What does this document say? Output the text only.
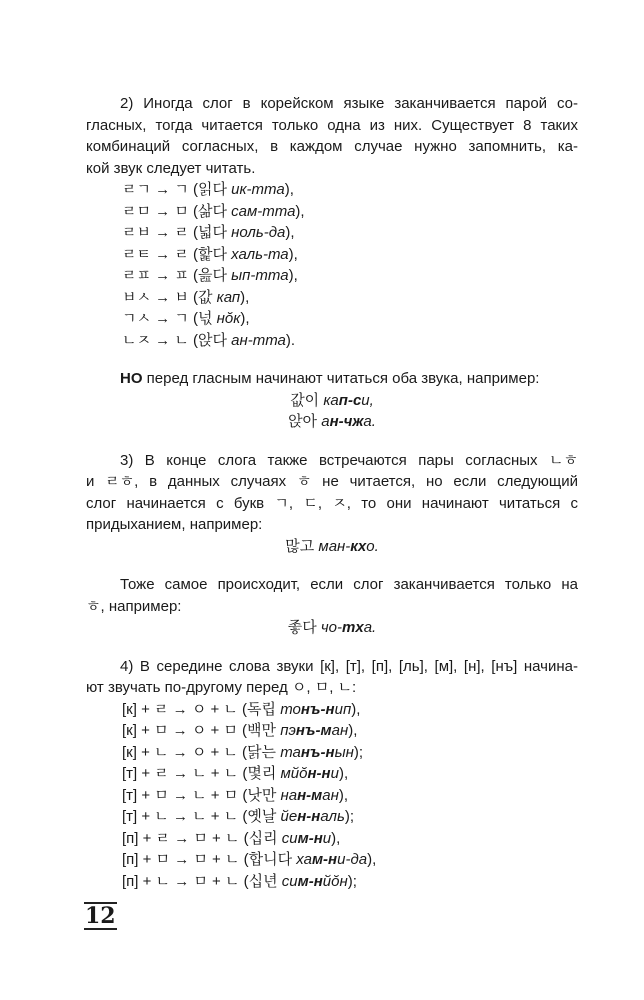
2) Иногда слог в корейском языке заканчивается парой со-
гласных, тогда читается только одна из них. Существует 8 таких
комбинаций согласных, в каждом случае нужно запомнить, ка-
кой звук следует читать.
ㄹㄱ → ㄱ (읽다 ик-тта),
ㄹㅁ → ㅁ (삶다 сам-тта),
ㄹㅂ → ㄹ (넓다 ноль-да),
ㄹㅌ → ㄹ (핥다 халь-та),
ㄹㅍ → ㅍ (읊다 ып-тта),
ㅂㅅ → ㅂ (값 кап),
ㄱㅅ → ㄱ (넋 нŏк),
ㄴㅈ → ㄴ (앉다 ан-тта).
НО перед гласным начинают читаться оба звука, например:
값이 кап-си,
앉아 ан-чжа.
3) В конце слога также встречаются пары согласных ㄴㅎ
и ㄹㅎ, в данных случаях ㅎ не читается, но если следующий
слог начинается с букв ㄱ, ㄷ, ㅈ, то они начинают читаться с
придыханием, например:
많고 ман-кхо.
Тоже самое происходит, если слог заканчивается только на
ㅎ, например:
좋다 чо-тха.
4) В середине слова звуки [к], [т], [п], [ль], [м], [н], [нъ] начина-
ют звучать по-другому перед ㅇ, ㅁ, ㄴ:
[к] + ㄹ → ㅇ + ㄴ (독립 тонъ-нип),
[к] + ㅁ → ㅇ + ㅁ (백만 пэнъ-ман),
[к] + ㄴ → ㅇ + ㄴ (닭는 танъ-нын);
[т] + ㄹ → ㄴ + ㄴ (몇리 мйŏн-ни),
[т] + ㅁ → ㄴ + ㅁ (낫만 нан-ман),
[т] + ㄴ → ㄴ + ㄴ (옛날 йен-наль);
[п] + ㄹ → ㅁ + ㄴ (십리 сим-ни),
[п] + ㅁ → ㅁ + ㄴ (합니다 хам-ни-да),
[п] + ㄴ → ㅁ + ㄴ (십년 сим-нйŏн);
12
